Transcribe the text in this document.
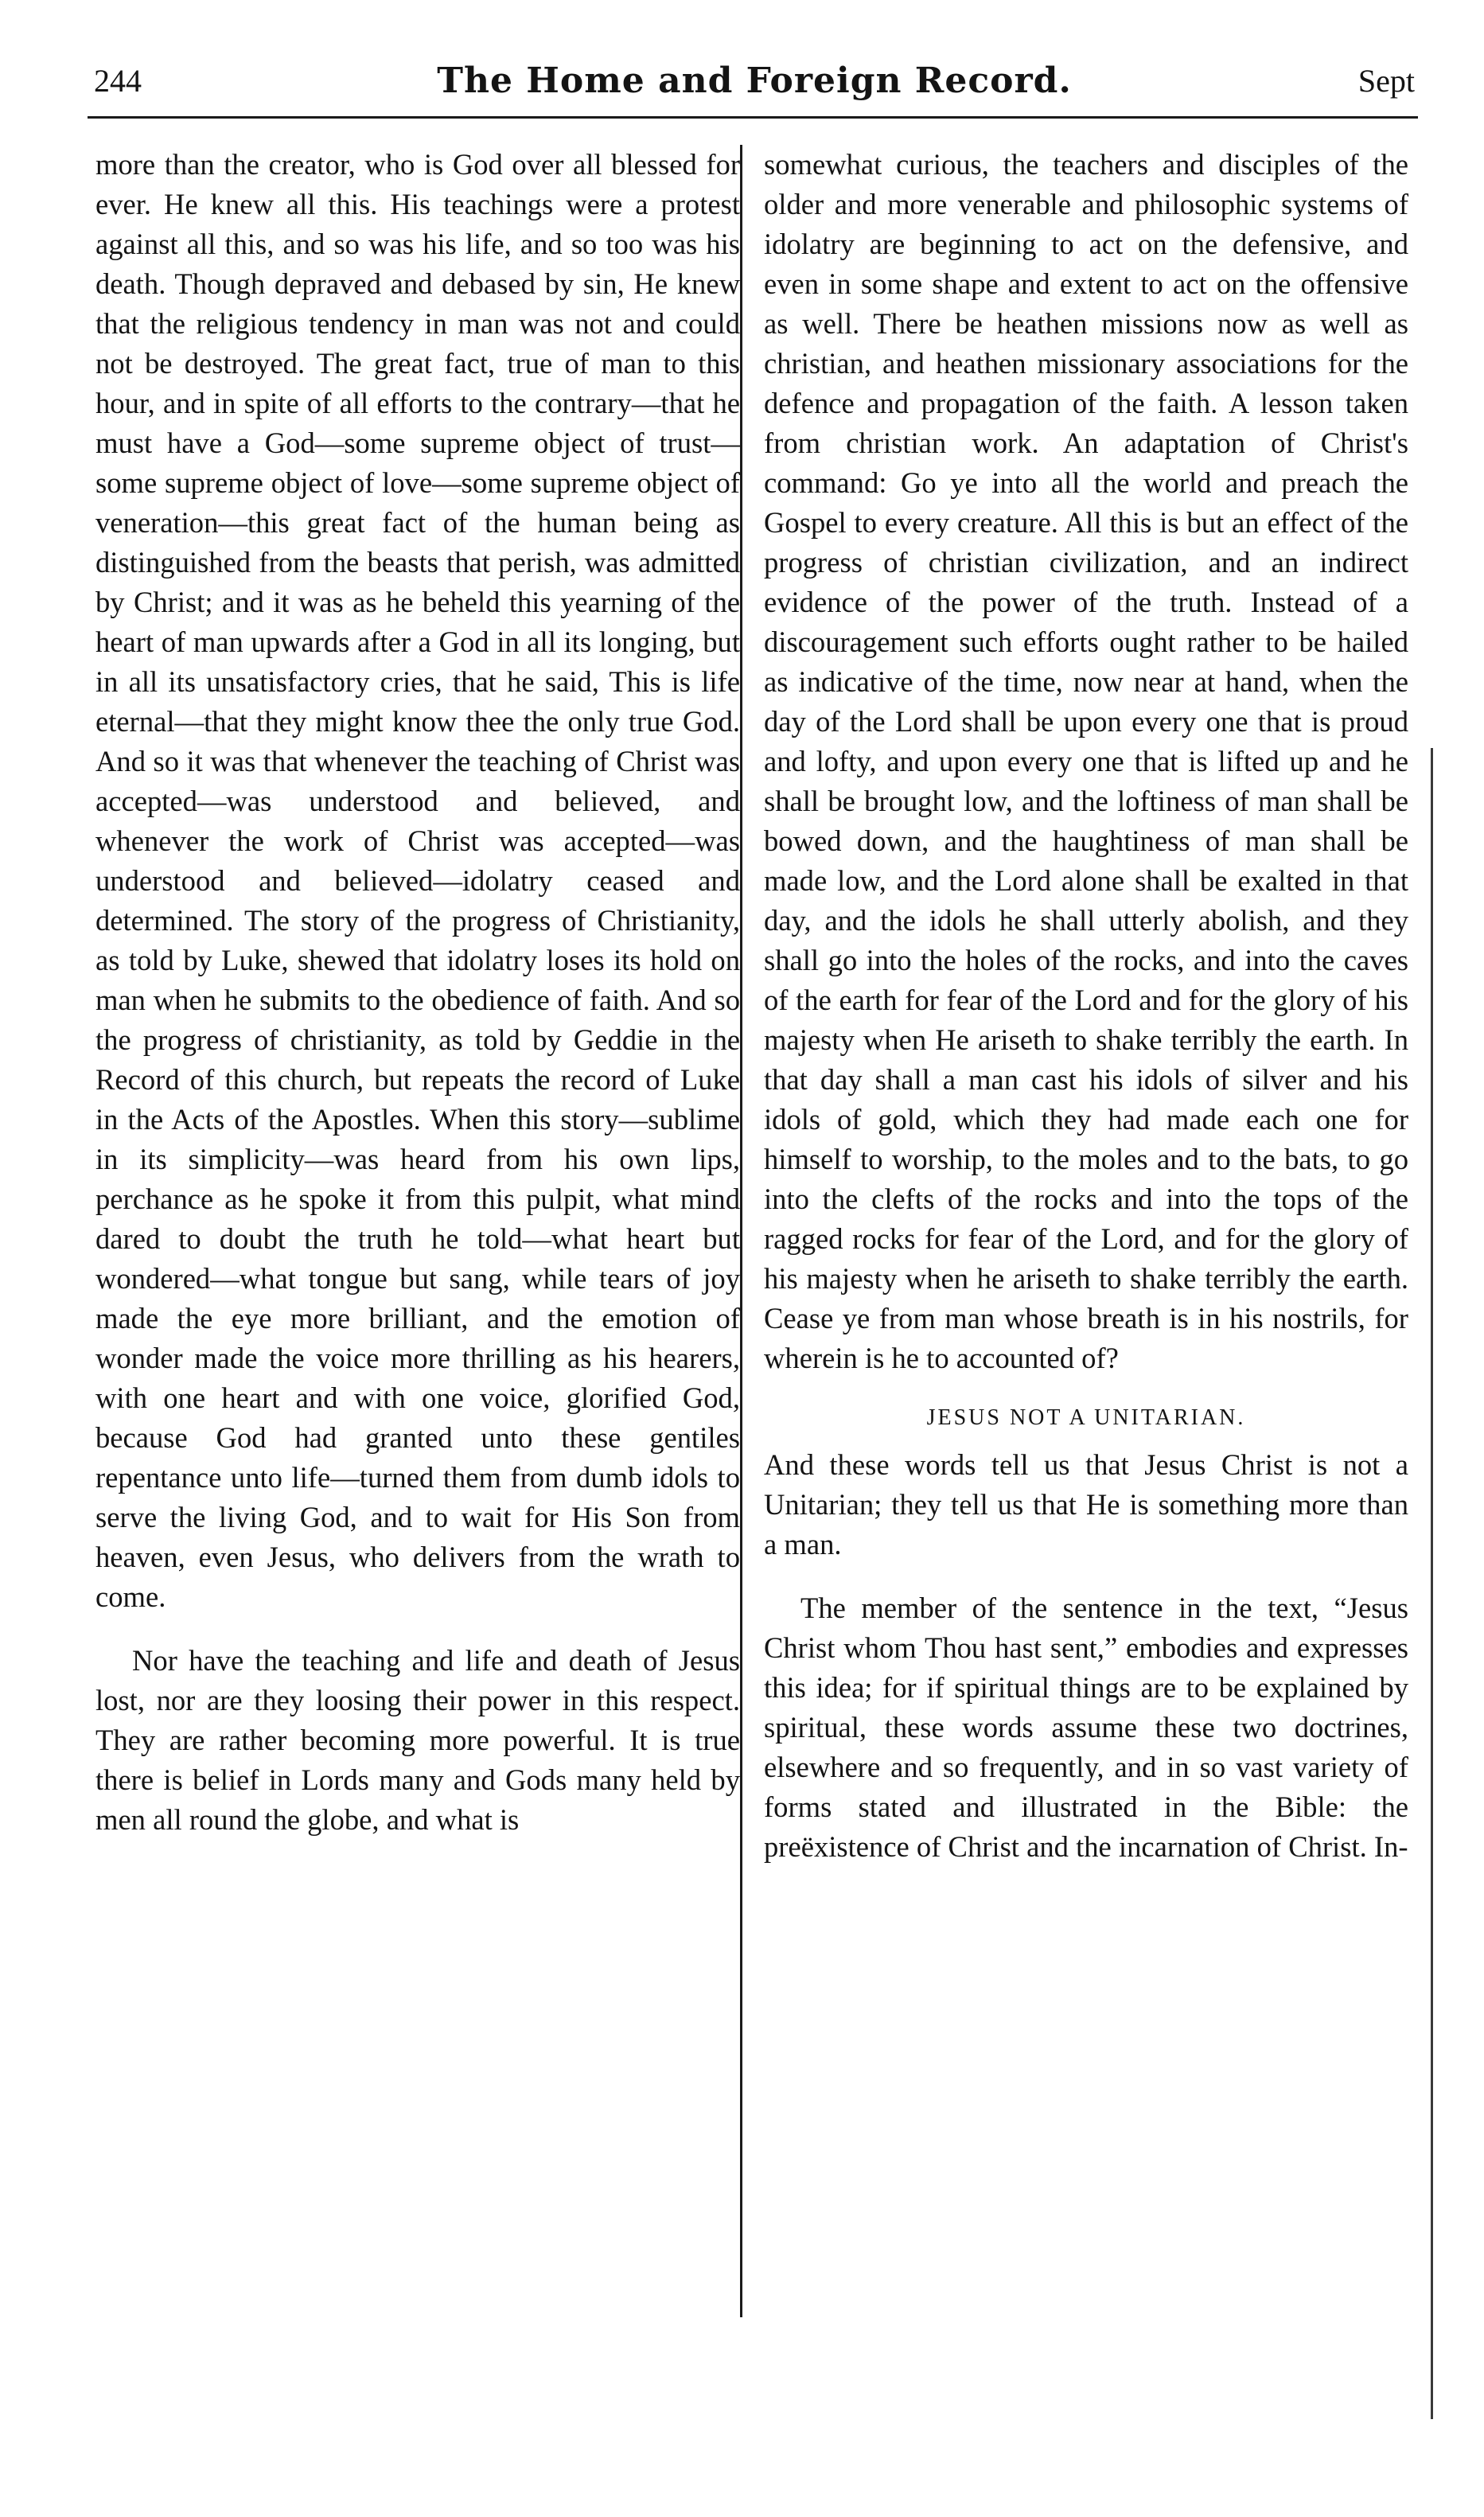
244	The Home and Foreign Record.	Sept

more than the creator, who is God over all blessed for ever. He knew all this. His teachings were a protest against all this, and so was his life, and so too was his death. Though depraved and debased by sin, He knew that the religious tendency in man was not and could not be destroyed. The great fact, true of man to this hour, and in spite of all efforts to the contrary—that he must have a God—some supreme object of trust—some supreme object of love—some supreme object of veneration—this great fact of the human being as distinguished from the beasts that perish, was admitted by Christ; and it was as he beheld this yearning of the heart of man upwards after a God in all its longing, but in all its unsatisfactory cries, that he said, This is life eternal—that they might know thee the only true God. And so it was that whenever the teaching of Christ was accepted—was understood and believed, and whenever the work of Christ was accepted—was understood and believed—idolatry ceased and determined. The story of the progress of Christianity, as told by Luke, shewed that idolatry loses its hold on man when he submits to the obedience of faith. And so the progress of christianity, as told by Geddie in the Record of this church, but repeats the record of Luke in the Acts of the Apostles. When this story—sublime in its simplicity—was heard from his own lips, perchance as he spoke it from this pulpit, what mind dared to doubt the truth he told—what heart but wondered—what tongue but sang, while tears of joy made the eye more brilliant, and the emotion of wonder made the voice more thrilling as his hearers, with one heart and with one voice, glorified God, because God had granted unto these gentiles repentance unto life—turned them from dumb idols to serve the living God, and to wait for His Son from heaven, even Jesus, who delivers from the wrath to come.

Nor have the teaching and life and death of Jesus lost, nor are they loosing their power in this respect. They are rather becoming more powerful. It is true there is belief in Lords many and Gods many held by men all round the globe, and what is

somewhat curious, the teachers and disciples of the older and more venerable and philosophic systems of idolatry are beginning to act on the defensive, and even in some shape and extent to act on the offensive as well. There be heathen missions now as well as christian, and heathen missionary associations for the defence and propagation of the faith. A lesson taken from christian work. An adaptation of Christ's command: Go ye into all the world and preach the Gospel to every creature. All this is but an effect of the progress of christian civilization, and an indirect evidence of the power of the truth. Instead of a discouragement such efforts ought rather to be hailed as indicative of the time, now near at hand, when the day of the Lord shall be upon every one that is proud and lofty, and upon every one that is lifted up and he shall be brought low, and the loftiness of man shall be bowed down, and the haughtiness of man shall be made low, and the Lord alone shall be exalted in that day, and the idols he shall utterly abolish, and they shall go into the holes of the rocks, and into the caves of the earth for fear of the Lord and for the glory of his majesty when He ariseth to shake terribly the earth. In that day shall a man cast his idols of silver and his idols of gold, which they had made each one for himself to worship, to the moles and to the bats, to go into the clefts of the rocks and into the tops of the ragged rocks for fear of the Lord, and for the glory of his majesty when he ariseth to shake terribly the earth. Cease ye from man whose breath is in his nostrils, for wherein is he to accounted of?

JESUS NOT A UNITARIAN.

And these words tell us that Jesus Christ is not a Unitarian; they tell us that He is something more than a man.

The member of the sentence in the text, “Jesus Christ whom Thou hast sent,” embodies and expresses this idea; for if spiritual things are to be explained by spiritual, these words assume these two doctrines, elsewhere and so frequently, and in so vast variety of forms stated and illustrated in the Bible: the preëxistence of Christ and the incarnation of Christ. In-
